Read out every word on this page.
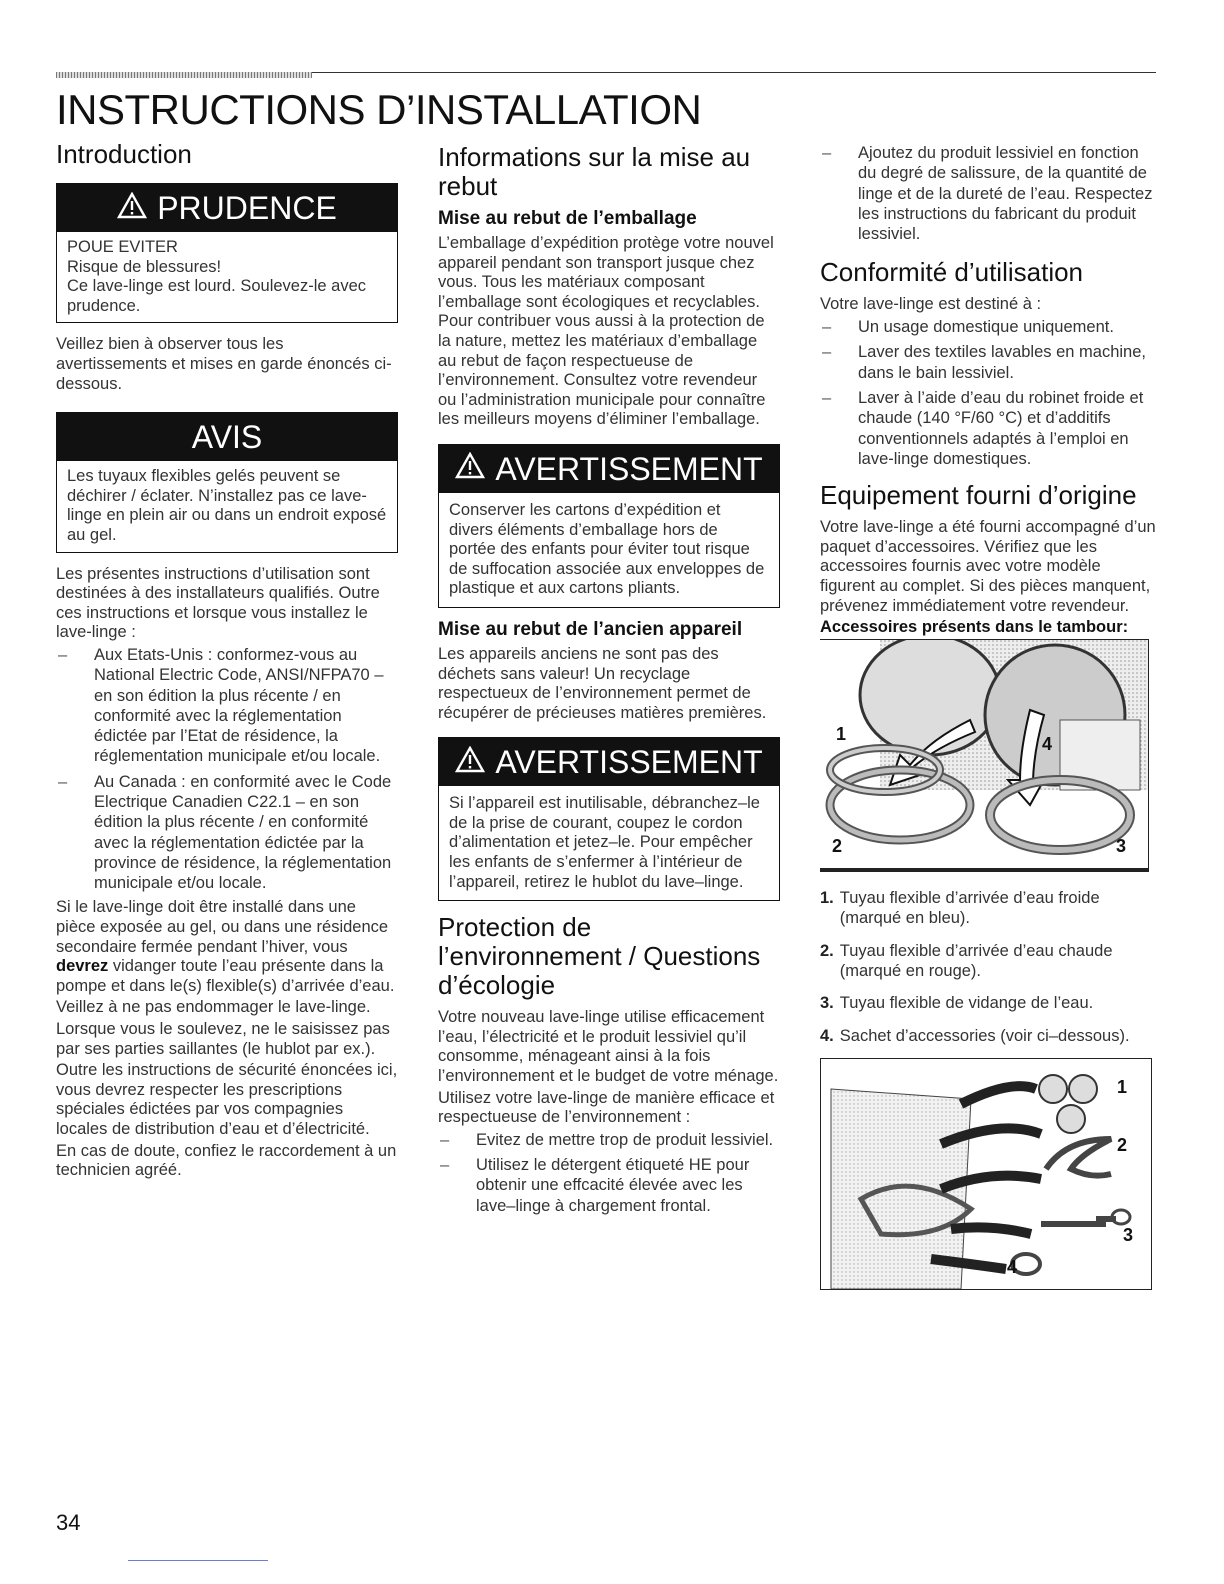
INSTRUCTIONS D’INSTALLATION
Introduction
PRUDENCE

POUE EVITER

Risque de blessures!

Ce lave-linge est lourd. Soulevez-le avec prudence.

Veillez bien à observer tous les avertissements et mises en garde énoncés ci-dessous.

AVIS

Les tuyaux flexibles gelés peuvent se déchirer / éclater. N’installez pas ce lave-linge en plein air ou dans un endroit exposé au gel.

Les présentes instructions d’utilisation sont destinées à des installateurs qualifiés. Outre ces instructions et lorsque vous installez le lave-linge :

– Aux Etats-Unis : conformez-vous au National Electric Code, ANSI/NFPA70 – en son édition la plus récente / en conformité avec la réglementation édictée par l’Etat de résidence, la réglementation municipale et/ou locale.
– Au Canada : en conformité avec le Code Electrique Canadien C22.1 – en son édition la plus récente / en conformité avec la réglementation édictée par la province de résidence, la réglementation municipale et/ou locale.

Si le lave-linge doit être installé dans une pièce exposée au gel, ou dans une résidence secondaire fermée pendant l’hiver, vous devrez vidanger toute l’eau présente dans la pompe et dans le(s) flexible(s) d’arrivée d’eau.

Veillez à ne pas endommager le lave-linge.

Lorsque vous le soulevez, ne le saisissez pas par ses parties saillantes (le hublot par ex.).

Outre les instructions de sécurité énoncées ici, vous devrez respecter les prescriptions spéciales édictées par vos compagnies locales de distribution d’eau et d’électricité.

En cas de doute, confiez le raccordement à un technicien agréé.

Informations sur la mise au rebut
Mise au rebut de l’emballage

L’emballage d’expédition protège votre nouvel appareil pendant son transport jusque chez vous. Tous les matériaux composant l’emballage sont écologiques et recyclables. Pour contribuer vous aussi à la protection de la nature, mettez les matériaux d’emballage au rebut de façon respectueuse de l’environnement. Consultez votre revendeur ou l’administration municipale pour connaître les meilleurs moyens d’éliminer l’emballage.

AVERTISSEMENT

Conserver les cartons d’expédition et divers éléments d’emballage hors de portée des enfants pour éviter tout risque de suffocation associée aux enveloppes de plastique et aux cartons pliants.

Mise au rebut de l’ancien appareil

Les appareils anciens ne sont pas des déchets sans valeur! Un recyclage respectueux de l’environnement permet de récupérer de précieuses matières premières.

AVERTISSEMENT

Si l’appareil est inutilisable, débranchez–le de la prise de courant, coupez le cordon d’alimentation et jetez–le. Pour empêcher les enfants de s’enfermer à l’intérieur de l’appareil, retirez le hublot du lave–linge.

Protection de l’environnement / Questions d’écologie

Votre nouveau lave-linge utilise efficacement l’eau, l’électricité et le produit lessiviel qu’il consomme, ménageant ainsi à la fois l’environnement et le budget de votre ménage.

Utilisez votre lave-linge de manière efficace et respectueuse de l’environnement :

– Evitez de mettre trop de produit lessiviel.
– Utilisez le détergent étiqueté HE pour obtenir une effcacité élevée avec les lave–linge à chargement frontal.
– Ajoutez du produit lessiviel en fonction du degré de salissure, de la quantité de linge et de la dureté de l’eau. Respectez les instructions du fabricant du produit lessiviel.
Conformité d’utilisation

Votre lave-linge est destiné à :

– Un usage domestique uniquement.
– Laver des textiles lavables en machine, dans le bain lessiviel.
– Laver à l’aide d’eau du robinet froide et chaude (140 °F/60 °C) et d’additifs conventionnels adaptés à l’emploi en lave-linge domestiques.
Equipement fourni d’origine

Votre lave-linge a été fourni accompagné d’un paquet d’accessoires. Vérifiez que les accessoires fournis avec votre modèle figurent au complet. Si des pièces manquent, prévenez immédiatement votre revendeur.

Accessoires présents dans le tambour:
1
2	3
4
1. Tuyau flexible d’arrivée d’eau froide (marqué en bleu).
2. Tuyau flexible d’arrivée d’eau chaude (marqué en rouge).
3. Tuyau flexible de vidange de l’eau.
4. Sachet d’accessories (voir ci–dessous).
1
2
3
4
34
